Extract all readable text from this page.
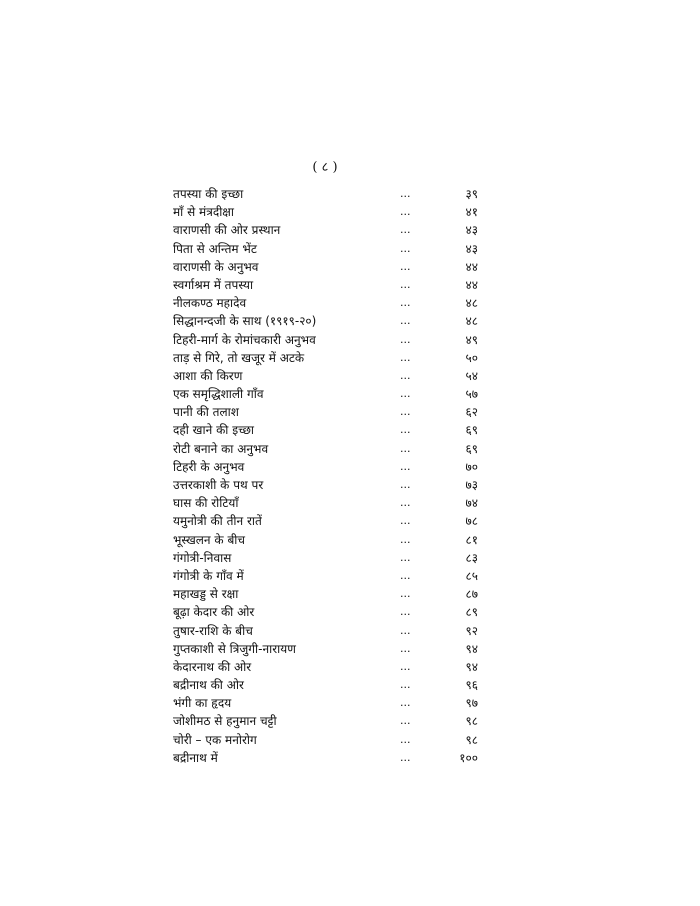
( ८ )
तपस्या की इच्छा	...	३९
माँ से मंत्रदीक्षा	...	४१
वाराणसी की ओर प्रस्थान	...	४३
पिता से अन्तिम भेंट	...	४३
वाराणसी के अनुभव	...	४४
स्वर्गाश्रम में तपस्या	...	४४
नीलकण्ठ महादेव	...	४८
सिद्धानन्दजी के साथ (१९१९-२०)	...	४८
टिहरी-मार्ग के रोमांचकारी अनुभव	...	४९
ताड़ से गिरे, तो खजूर में अटके	...	५०
आशा की किरण	...	५४
एक समृद्धिशाली गाँव	...	५७
पानी की तलाश	...	६२
दही खाने की इच्छा	...	६९
रोटी बनाने का अनुभव	...	६९
टिहरी के अनुभव	...	७०
उत्तरकाशी के पथ पर	...	७३
घास की रोटियाँ	...	७४
यमुनोत्री की तीन रातें	...	७८
भूस्खलन के बीच	...	८१
गंगोत्री-निवास	...	८३
गंगोत्री के गाँव में	...	८५
महाखड्ड से रक्षा	...	८७
बूढ़ा केदार की ओर	...	८९
तुषार-राशि के बीच	...	९२
गुप्तकाशी से त्रिजुगी-नारायण	...	९४
केदारनाथ की ओर	...	९४
बद्रीनाथ की ओर	...	९६
भंगी का हृदय	...	९७
जोशीमठ से हनुमान चट्टी	...	९८
चोरी – एक मनोरोग	...	९८
बद्रीनाथ में	...	१००
